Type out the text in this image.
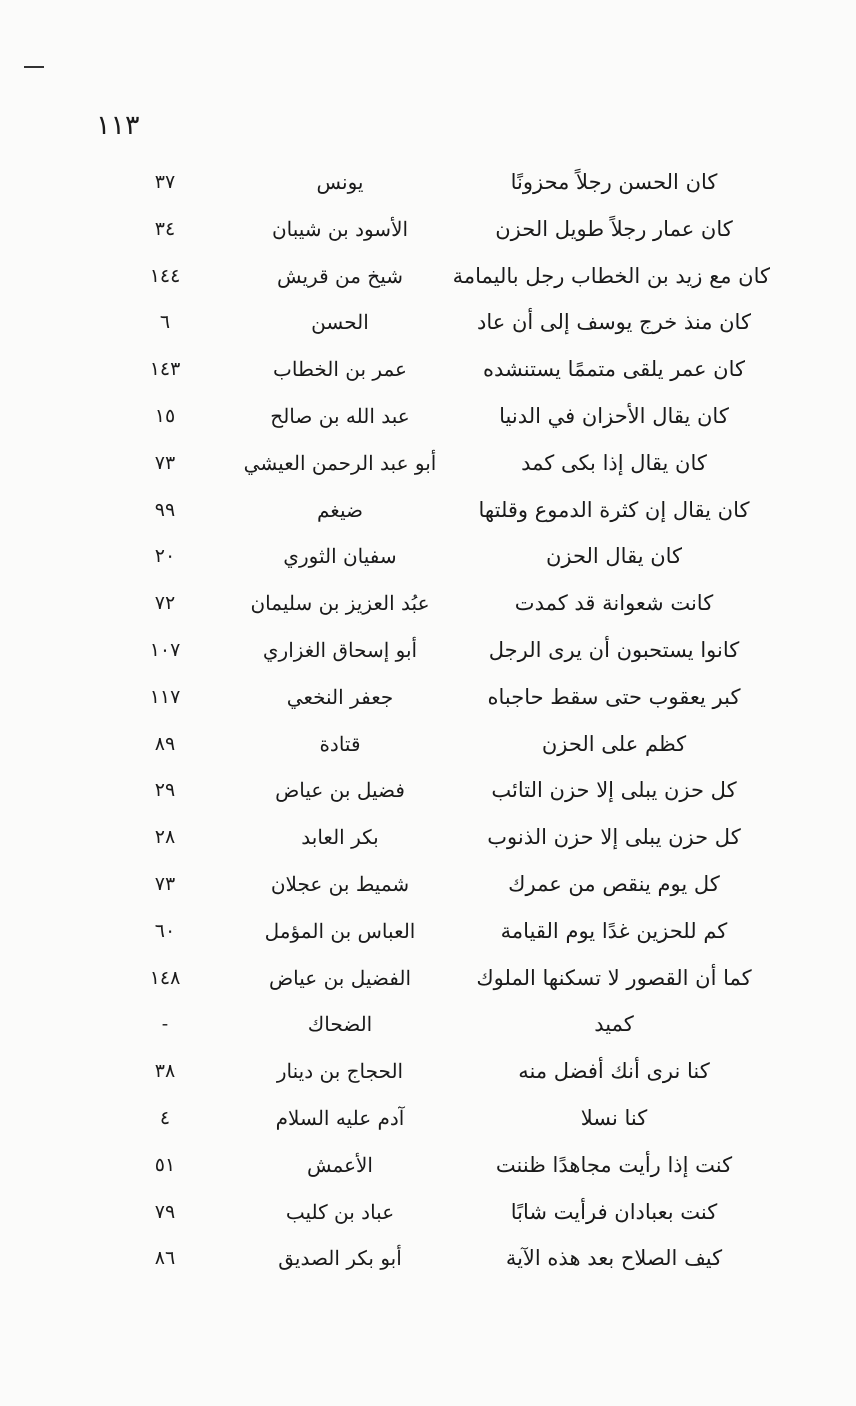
١١٣
كان الحسن رجلاً محزونًا
يونس
٣٧
كان عمار رجلاً طويل الحزن
الأسود بن شيبان
٣٤
كان مع زيد بن الخطاب رجل باليمامة
شيخ من قريش
١٤٤
كان منذ خرج يوسف إلى أن عاد
الحسن
٦
كان عمر يلقى متممًا يستنشده
عمر بن الخطاب
١٤٣
كان يقال الأحزان في الدنيا
عبد الله بن صالح
١٥
كان يقال إذا بكى كمد
أبو عبد الرحمن العيشي
٧٣
كان يقال إن كثرة الدموع وقلتها
ضيغم
٩٩
كان يقال الحزن
سفيان الثوري
٢٠
كانت شعوانة قد كمدت
عبُد العزيز بن سليمان
٧٢
كانوا يستحبون أن يرى الرجل
أبو إسحاق الغزاري
١٠٧
كبر يعقوب حتى سقط حاجباه
جعفر النخعي
١١٧
كظم على الحزن
قتادة
٨٩
كل حزن يبلى إلا حزن التائب
فضيل بن عياض
٢٩
كل حزن يبلى إلا حزن الذنوب
بكر العابد
٢٨
كل يوم ينقص من عمرك
شميط بن عجلان
٧٣
كم للحزين غدًا يوم القيامة
العباس بن المؤمل
٦٠
كما أن القصور لا تسكنها الملوك
الفضيل بن عياض
١٤٨
كميد
الضحاك
-
كنا نرى أنك أفضل منه
الحجاج بن دينار
٣٨
كنا نسلا
آدم عليه السلام
٤
كنت إذا رأيت مجاهدًا ظننت
الأعمش
٥١
كنت بعبادان فرأيت شابًا
عباد بن كليب
٧٩
كيف الصلاح بعد هذه الآية
أبو بكر الصديق
٨٦
